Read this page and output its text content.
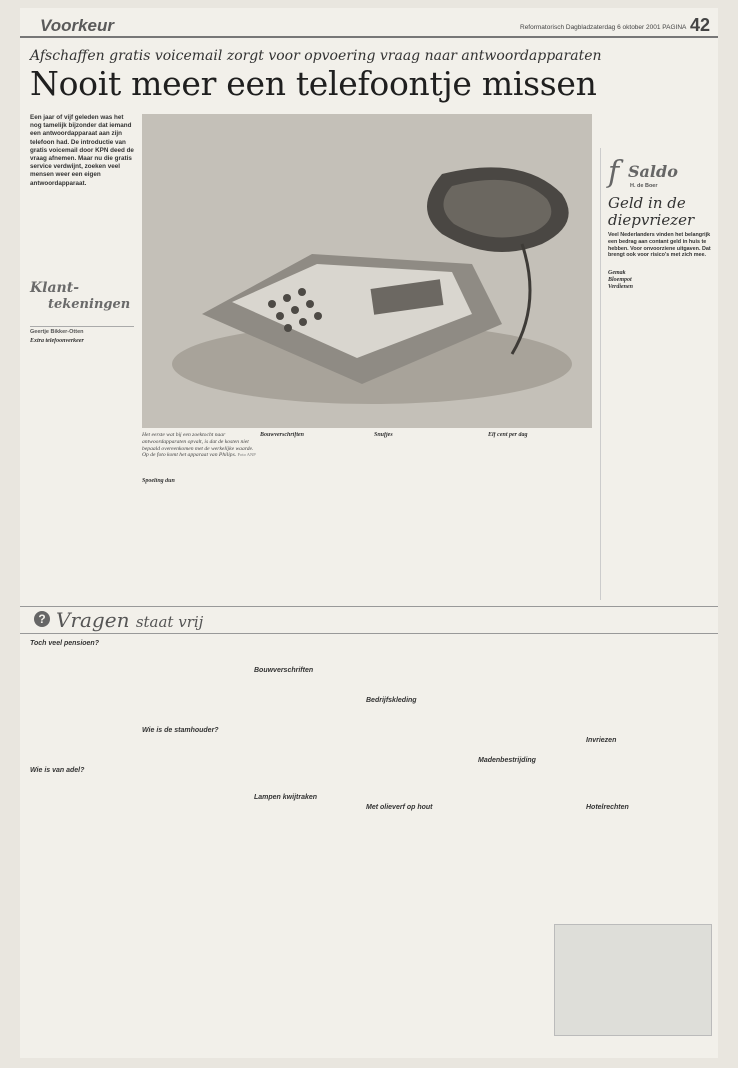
Voorkeur	Reformatorisch Dagblad zaterdag 6 oktober 2001 PAGINA 42
Afschaffen gratis voicemail zorgt voor opvoering vraag naar antwoordapparaten
Nooit meer een telefoontje missen
Een jaar of vijf geleden was het nog tamelijk bijzonder dat iemand een antwoordapparaat aan zijn telefoon had. De introductie van gratis voicemail door KPN deed de vraag afnemen. Maar nu die gratis service verdwijnt, zoeken veel mensen weer een eigen antwoordapparaat.
Klant-
tekeningen
Geertje Bikker-Otten
Extra telefoonverkeer
Het eerste wat bij een zoektocht naar antwoordapparaten opvalt, is dat de kosten niet bepaald overeenkomen met de werkelijke waarde. Op de foto komt het apparaat van Philips. Foto ANP
Spoeling dun
Bouwverschriften	Snufjes	Elf cent per dag
f Saldo
H. de Boer
Geld in de diepvriezer
Veel Nederlanders vinden het belangrijk een bedrag aan contant geld in huis te hebben. Voor onvoorziene uitgaven. Dat brengt ook voor risico's met zich mee.
Gemak
Bloempot
Verdienen
? Vragen staat vrij
Toch veel pensioen?
Wie is van adel?
Wie is de stamhouder?
Bouwverschriften
Lampen kwijtraken
Bedrijfskleding
Met olieverf op hout
Madenbestrijding
Invriezen
Hotelrechten
